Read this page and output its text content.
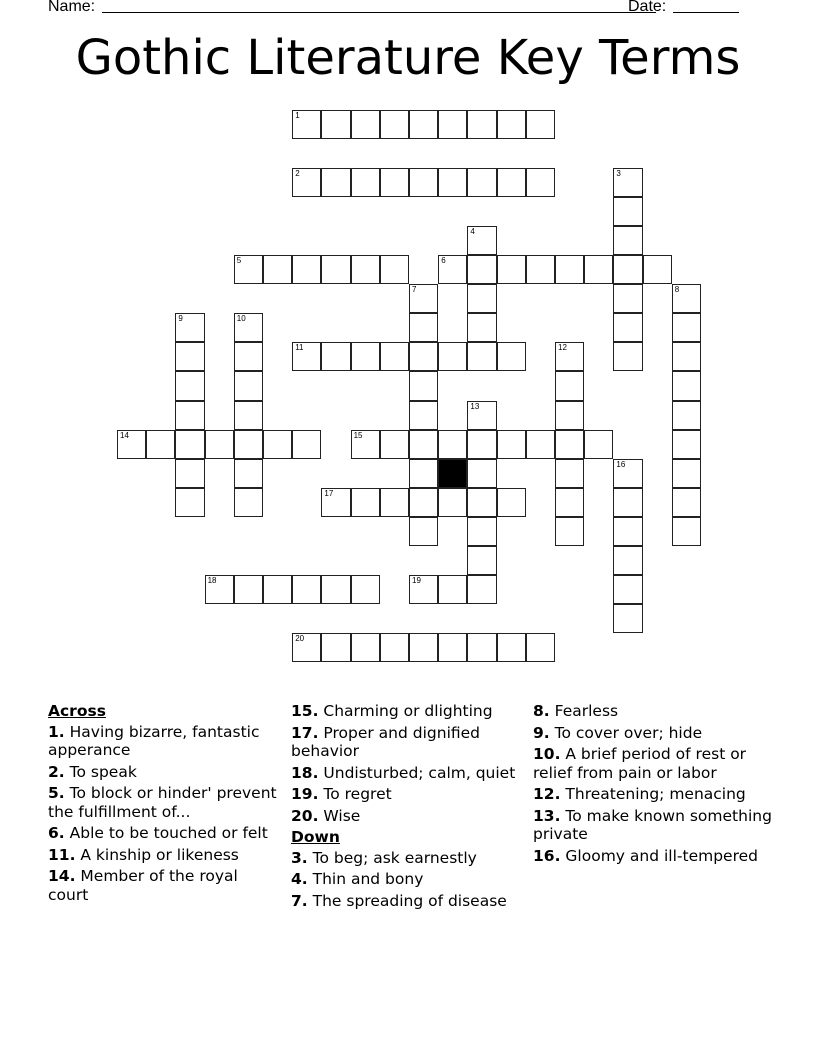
Name:	Date:
Gothic Literature Key Terms
1
2	3
4
5	6
7	8
9	10
11	12
13
14	15
16
17
18	19
20
Across
1. Having bizarre, fantastic apperance
2. To speak
5. To block or hinder' prevent the fulfillment of...
6. Able to be touched or felt
11. A kinship or likeness
14. Member of the royal court
15. Charming or dlighting
17. Proper and dignified behavior
18. Undisturbed; calm, quiet
19. To regret
20. Wise
Down
3. To beg; ask earnestly
4. Thin and bony
7. The spreading of disease
8. Fearless
9. To cover over; hide
10. A brief period of rest or relief from pain or labor
12. Threatening; menacing
13. To make known something private
16. Gloomy and ill-tempered
